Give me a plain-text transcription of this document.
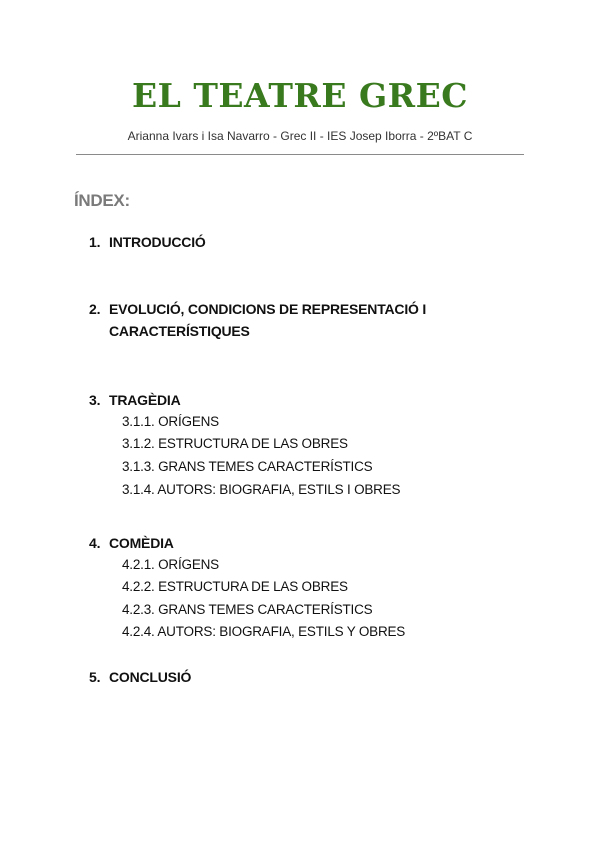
EL TEATRE GREC
Arianna Ivars i Isa Navarro - Grec II - IES Josep Iborra - 2ºBAT C
ÍNDEX:
1. INTRODUCCIÓ
2. EVOLUCIÓ, CONDICIONS DE REPRESENTACIÓ I CARACTERÍSTIQUES
3. TRAGÈDIA
3.1.1. ORÍGENS
3.1.2. ESTRUCTURA DE LAS OBRES
3.1.3. GRANS TEMES CARACTERÍSTICS
3.1.4. AUTORS: BIOGRAFIA, ESTILS I OBRES
4. COMÈDIA
4.2.1. ORÍGENS
4.2.2. ESTRUCTURA DE LAS OBRES
4.2.3. GRANS TEMES CARACTERÍSTICS
4.2.4. AUTORS: BIOGRAFIA, ESTILS Y OBRES
5. CONCLUSIÓ
